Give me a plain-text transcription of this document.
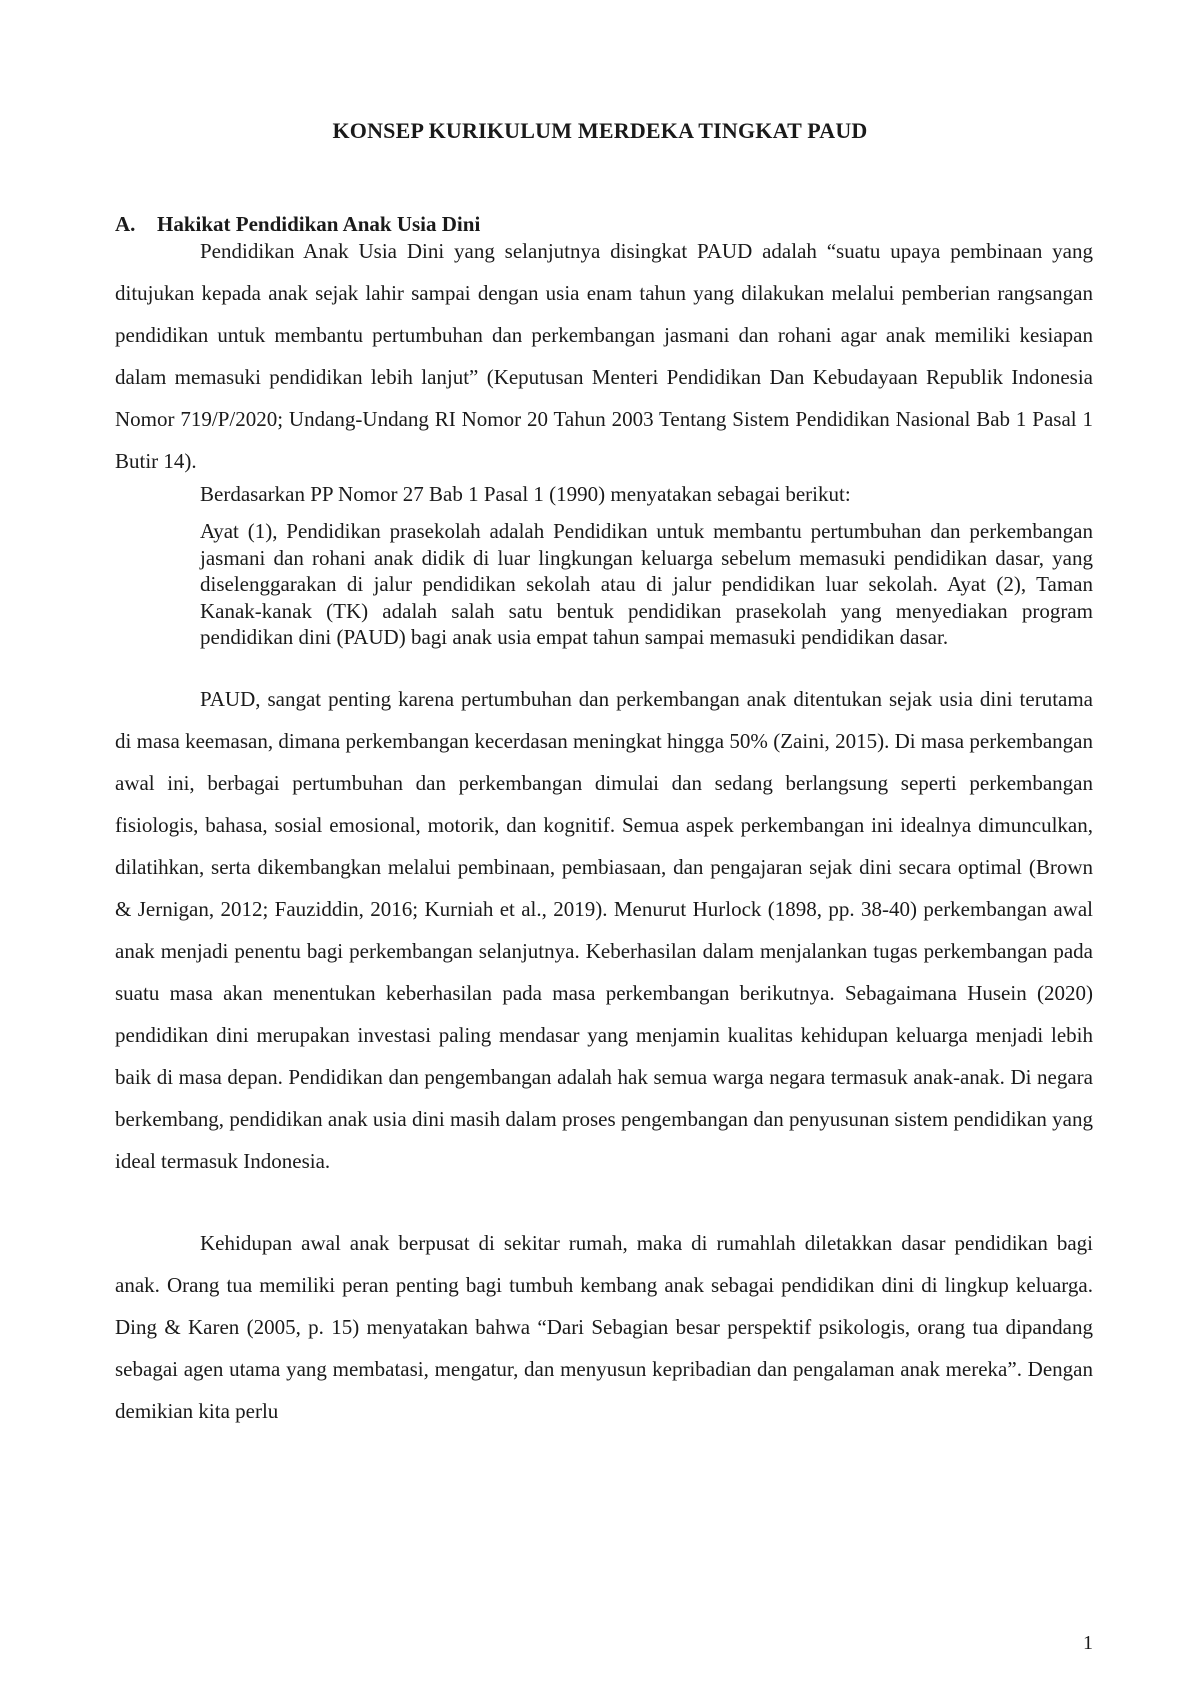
KONSEP KURIKULUM MERDEKA TINGKAT PAUD
A. Hakikat Pendidikan Anak Usia Dini

Pendidikan Anak Usia Dini yang selanjutnya disingkat PAUD adalah “suatu upaya pembinaan yang ditujukan kepada anak sejak lahir sampai dengan usia enam tahun yang dilakukan melalui pemberian rangsangan pendidikan untuk membantu pertumbuhan dan perkembangan jasmani dan rohani agar anak memiliki kesiapan dalam memasuki pendidikan lebih lanjut” (Keputusan Menteri Pendidikan Dan Kebudayaan Republik Indonesia Nomor 719/P/2020; Undang-Undang RI Nomor 20 Tahun 2003 Tentang Sistem Pendidikan Nasional Bab 1 Pasal 1 Butir 14).

Berdasarkan PP Nomor 27 Bab 1 Pasal 1 (1990) menyatakan sebagai berikut:

Ayat (1), Pendidikan prasekolah adalah Pendidikan untuk membantu pertumbuhan dan perkembangan jasmani dan rohani anak didik di luar lingkungan keluarga sebelum memasuki pendidikan dasar, yang diselenggarakan di jalur pendidikan sekolah atau di jalur pendidikan luar sekolah. Ayat (2), Taman Kanak-kanak (TK) adalah salah satu bentuk pendidikan prasekolah yang menyediakan program pendidikan dini (PAUD) bagi anak usia empat tahun sampai memasuki pendidikan dasar.

PAUD, sangat penting karena pertumbuhan dan perkembangan anak ditentukan sejak usia dini terutama di masa keemasan, dimana perkembangan kecerdasan meningkat hingga 50% (Zaini, 2015). Di masa perkembangan awal ini, berbagai pertumbuhan dan perkembangan dimulai dan sedang berlangsung seperti perkembangan fisiologis, bahasa, sosial emosional, motorik, dan kognitif. Semua aspek perkembangan ini idealnya dimunculkan, dilatihkan, serta dikembangkan melalui pembinaan, pembiasaan, dan pengajaran sejak dini secara optimal (Brown & Jernigan, 2012; Fauziddin, 2016; Kurniah et al., 2019). Menurut Hurlock (1898, pp. 38-40) perkembangan awal anak menjadi penentu bagi perkembangan selanjutnya. Keberhasilan dalam menjalankan tugas perkembangan pada suatu masa akan menentukan keberhasilan pada masa perkembangan berikutnya. Sebagaimana Husein (2020) pendidikan dini merupakan investasi paling mendasar yang menjamin kualitas kehidupan keluarga menjadi lebih baik di masa depan. Pendidikan dan pengembangan adalah hak semua warga negara termasuk anak-anak. Di negara berkembang, pendidikan anak usia dini masih dalam proses pengembangan dan penyusunan sistem pendidikan yang ideal termasuk Indonesia.

Kehidupan awal anak berpusat di sekitar rumah, maka di rumahlah diletakkan dasar pendidikan bagi anak. Orang tua memiliki peran penting bagi tumbuh kembang anak sebagai pendidikan dini di lingkup keluarga. Ding & Karen (2005, p. 15) menyatakan bahwa “Dari Sebagian besar perspektif psikologis, orang tua dipandang sebagai agen utama yang membatasi, mengatur, dan menyusun kepribadian dan pengalaman anak mereka”. Dengan demikian kita perlu

1
